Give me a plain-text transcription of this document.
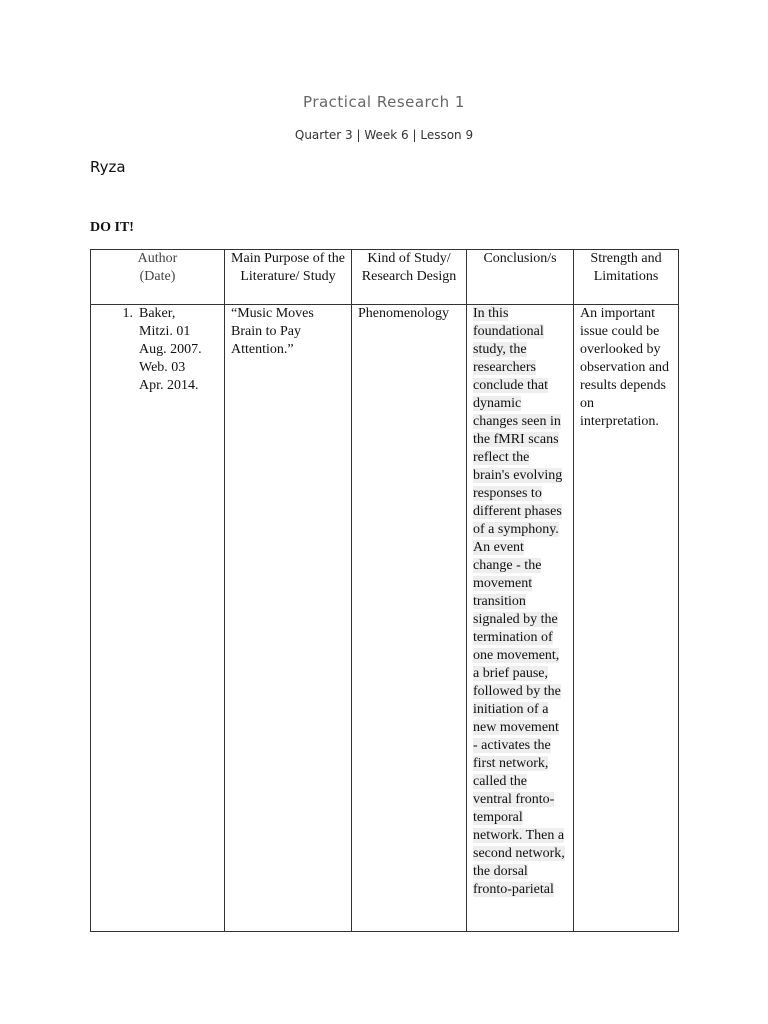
Practical Research 1
Quarter 3 | Week 6 | Lesson 9
Ryza
DO IT!
Author
(Date)	Main Purpose of the Literature/ Study	Kind of Study/ Research Design	Conclusion/s	Strength and Limitations
1. Baker, Mitzi. 01 Aug. 2007. Web. 03 Apr. 2014.	“Music Moves Brain to Pay Attention.”	Phenomenology	In this foundational study, the researchers conclude that dynamic changes seen in the fMRI scans reflect the brain's evolving responses to different phases of a symphony. An event change - the movement transition signaled by the termination of one movement, a brief pause, followed by the initiation of a new movement - activates the first network, called the ventral fronto-temporal network. Then a second network, the dorsal fronto-parietal	An important issue could be overlooked by observation and results depends on interpretation.
